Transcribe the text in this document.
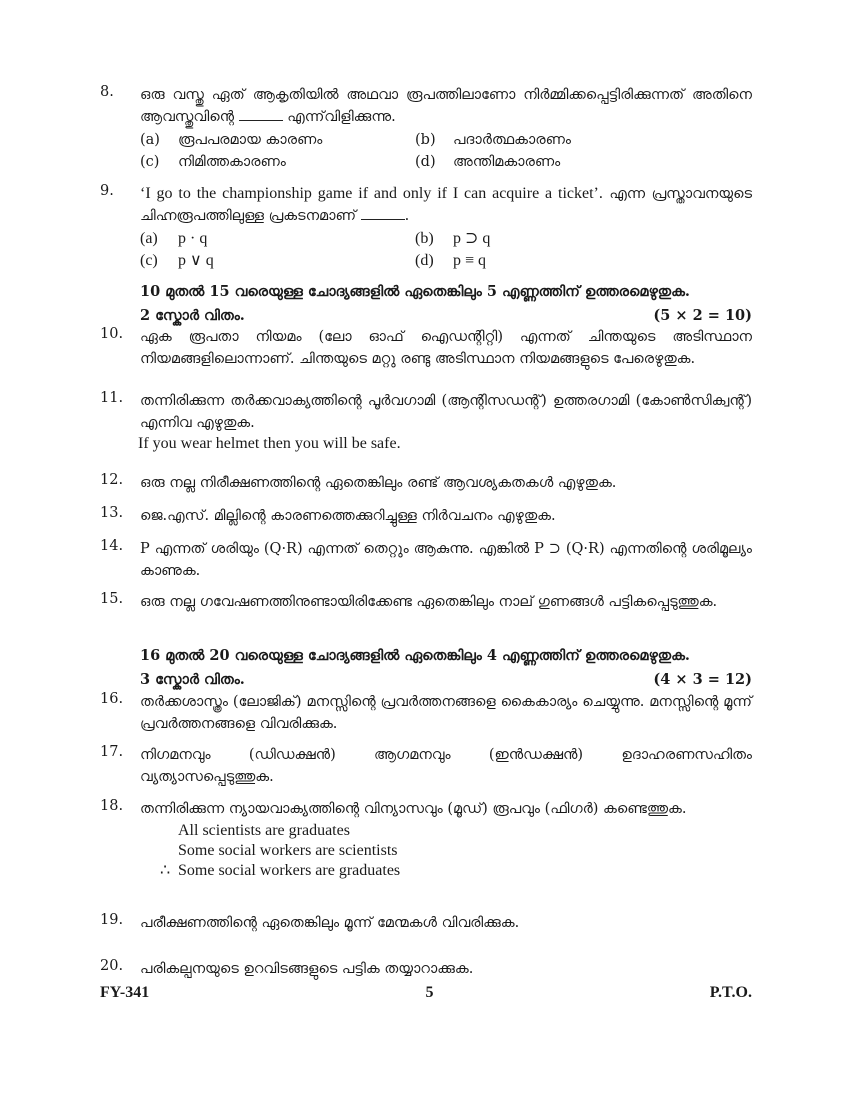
8.	ഒരു വസ്തു ഏത് ആകൃതിയിൽ അഥവാ രൂപത്തിലാണോ നിർമ്മിക്കപ്പെട്ടിരിക്കുന്നത് അതിനെ ആവസ്തുവിന്റെ	എന്ന്‌വിളിക്കുന്നു.
(a)	രൂപപരമായ കാരണം	(b)	പദാർത്ഥകാരണം
(c)	നിമിത്തകാരണം	(d)	അന്തിമകാരണം
9.	‘I go to the championship game if and only if I can acquire a ticket’. എന്ന പ്രസ്താവനയുടെ ചിഹ്നരൂപത്തിലുള്ള പ്രകടനമാണ്	.
(a)	p · q	(b)	p ⊃ q
(c)	p ∨ q	(d)	p ≡ q
10 മുതൽ 15 വരെയുള്ള ചോദ്യങ്ങളിൽ ഏതെങ്കിലും 5 എണ്ണത്തിന് ഉത്തരമെഴുതുക.
2 സ്കോർ വിതം.	(5 × 2 = 10)
10.	ഏക രൂപതാ നിയമം (ലോ ഓഫ് ഐഡന്റിറ്റി) എന്നത് ചിന്തയുടെ അടിസ്ഥാന നിയമങ്ങളിലൊന്നാണ്. ചിന്തയുടെ മറ്റു രണ്ടു അടിസ്ഥാന നിയമങ്ങളുടെ പേരെഴുതുക.
11.	തന്നിരിക്കുന്ന തർക്കവാക്യത്തിന്റെ പൂർവഗാമി (ആന്റിസഡന്റ്) ഉത്തരഗാമി (കോൺസിക്വന്റ്) എന്നിവ എഴുതുക.
If you wear helmet then you will be safe.
12.	ഒരു നല്ല നിരീക്ഷണത്തിന്റെ ഏതെങ്കിലും രണ്ട് ആവശ്യകതകൾ എഴുതുക.
13.	ജെ.എസ്. മില്ലിന്റെ കാരണത്തെക്കുറിച്ചുള്ള നിർവചനം എഴുതുക.
14.	P എന്നത് ശരിയും (Q·R) എന്നത് തെറ്റും ആകുന്നു. എങ്കിൽ P ⊃ (Q·R) എന്നതിന്റെ ശരിമൂല്യം കാണുക.
15.	ഒരു നല്ല ഗവേഷണത്തിനുണ്ടായിരിക്കേണ്ട ഏതെങ്കിലും നാല് ഗുണങ്ങൾ പട്ടികപ്പെടുത്തുക.
16 മുതൽ 20 വരെയുള്ള ചോദ്യങ്ങളിൽ ഏതെങ്കിലും 4 എണ്ണത്തിന് ഉത്തരമെഴുതുക.
3 സ്കോർ വിതം.	(4 × 3 = 12)
16.	തർക്കശാസ്ത്രം (ലോജിക്) മനസ്സിന്റെ പ്രവർത്തനങ്ങളെ കൈകാര്യം ചെയ്യുന്നു. മനസ്സിന്റെ മൂന്ന് പ്രവർത്തനങ്ങളെ വിവരിക്കുക.
17.	നിഗമനവും (ഡിഡക്ഷൻ) ആഗമനവും (ഇൻഡക്ഷൻ) ഉദാഹരണസഹിതം വ്യത്യാസപ്പെടുത്തുക.
18.	തന്നിരിക്കുന്ന ന്യായവാക്യത്തിന്റെ വിന്യാസവും (മൂഡ്) രൂപവും (ഫിഗർ) കണ്ടെത്തുക.
All scientists are graduates
Some social workers are scientists
∴ Some social workers are graduates
19.	പരീക്ഷണത്തിന്റെ ഏതെങ്കിലും മൂന്ന് മേന്മകൾ വിവരിക്കുക.
20.	പരികല്പനയുടെ ഉറവിടങ്ങളുടെ പട്ടിക തയ്യാറാക്കുക.
FY-341	5	P.T.O.
